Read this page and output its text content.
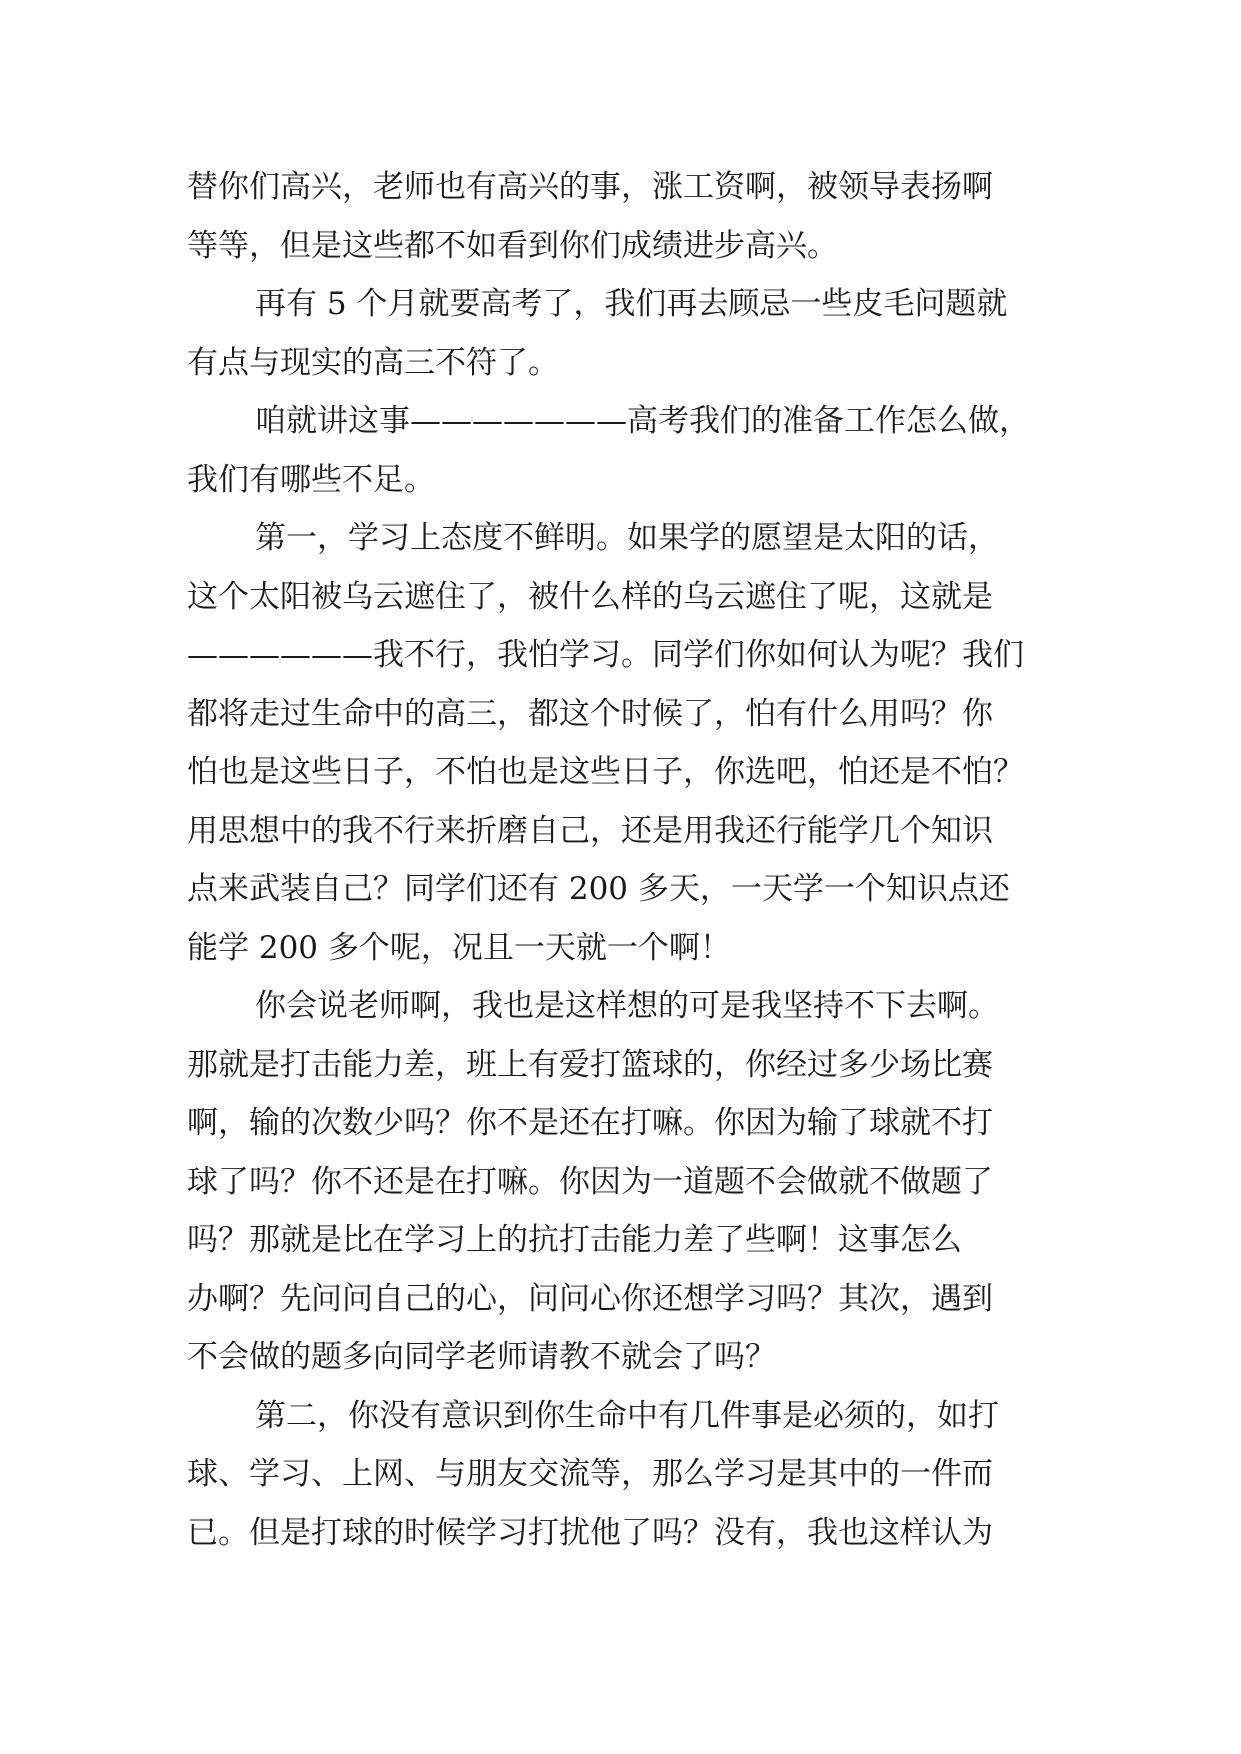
替你们高兴，老师也有高兴的事，涨工资啊，被领导表扬啊
等等，但是这些都不如看到你们成绩进步高兴。
再有 5 个月就要高考了，我们再去顾忌一些皮毛问题就
有点与现实的高三不符了。
咱就讲这事———————高考我们的准备工作怎么做，
我们有哪些不足。
第一，学习上态度不鲜明。如果学的愿望是太阳的话，
这个太阳被乌云遮住了，被什么样的乌云遮住了呢，这就是
——————我不行，我怕学习。同学们你如何认为呢？我们
都将走过生命中的高三，都这个时候了，怕有什么用吗？你
怕也是这些日子，不怕也是这些日子，你选吧，怕还是不怕？
用思想中的我不行来折磨自己，还是用我还行能学几个知识
点来武装自己？同学们还有 200 多天，一天学一个知识点还
能学 200 多个呢，况且一天就一个啊！
你会说老师啊，我也是这样想的可是我坚持不下去啊。
那就是打击能力差，班上有爱打篮球的，你经过多少场比赛
啊，输的次数少吗？你不是还在打嘛。你因为输了球就不打
球了吗？你不还是在打嘛。你因为一道题不会做就不做题了
吗？那就是比在学习上的抗打击能力差了些啊！这事怎么
办啊？先问问自己的心，问问心你还想学习吗？其次，遇到
不会做的题多向同学老师请教不就会了吗？
第二，你没有意识到你生命中有几件事是必须的，如打
球、学习、上网、与朋友交流等，那么学习是其中的一件而
已。但是打球的时候学习打扰他了吗？没有，我也这样认为
